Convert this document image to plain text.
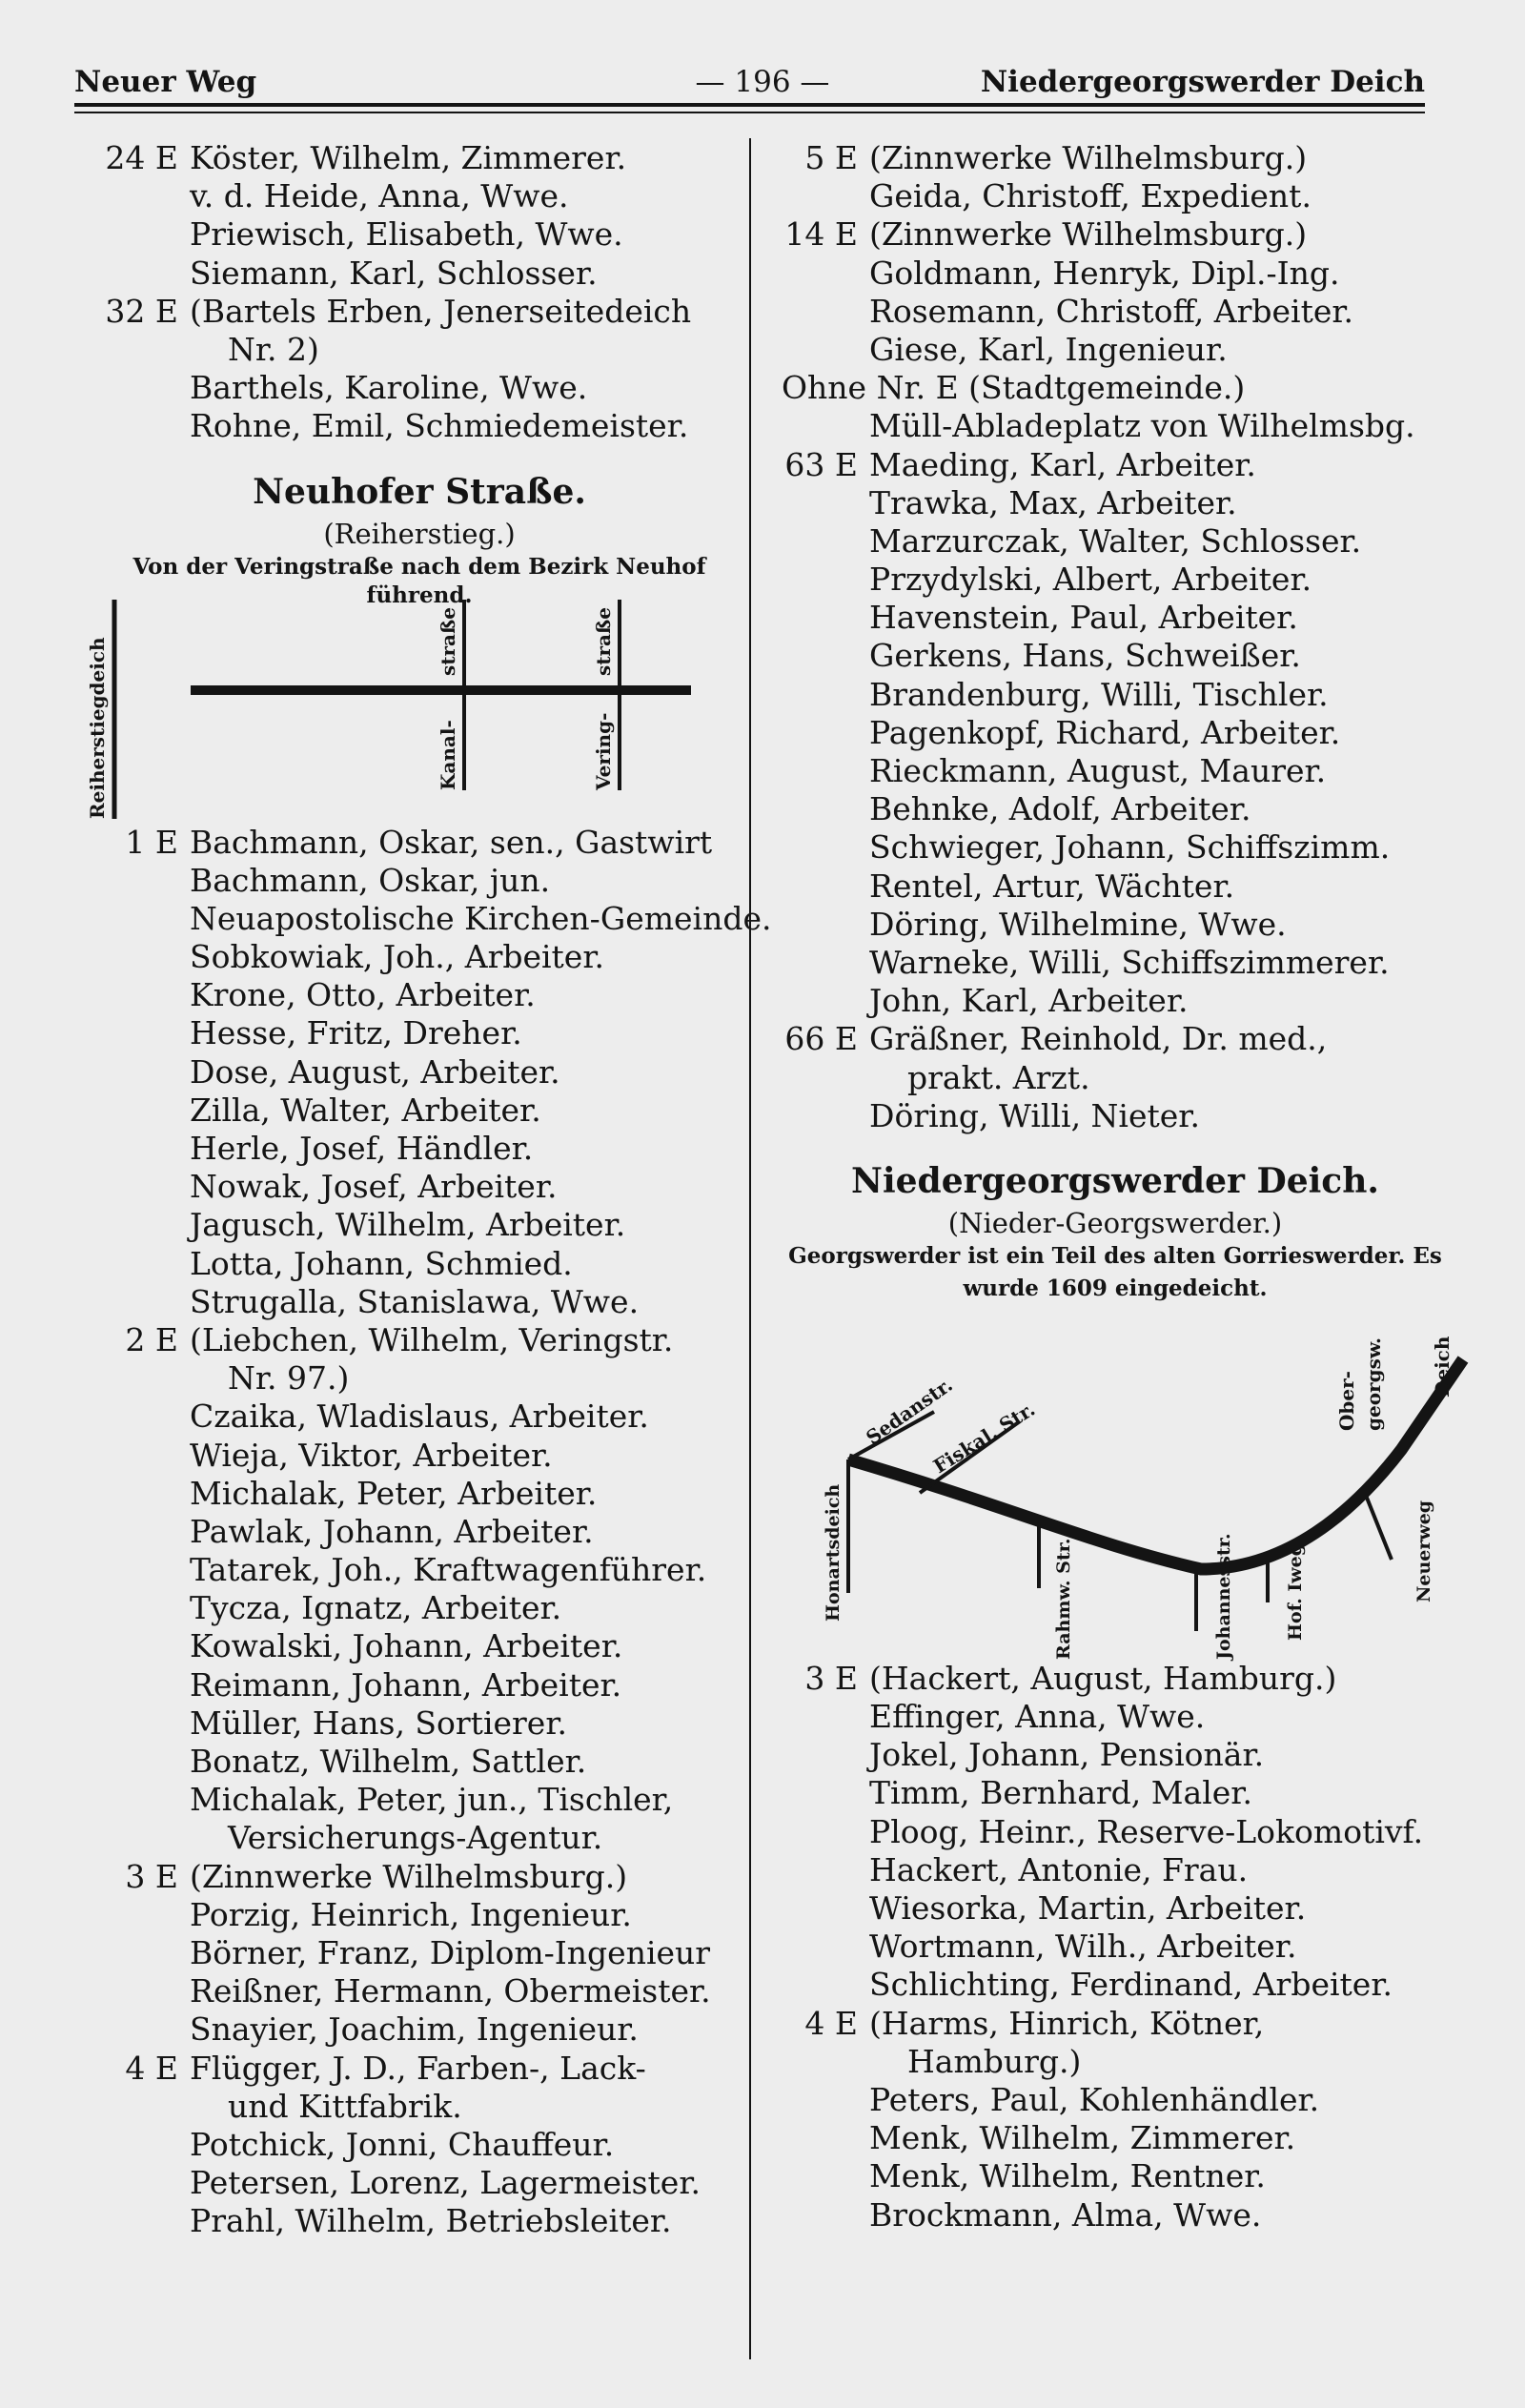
Neuer Weg	— 196 —	Niedergeorgswerder Deich
24 E Köster, Wilhelm, Zimmerer.
v. d. Heide, Anna, Wwe.
Priewisch, Elisabeth, Wwe.
Siemann, Karl, Schlosser.
32 E (Bartels Erben, Jenerseitedeich
Nr. 2)
Barthels, Karoline, Wwe.
Rohne, Emil, Schmiedemeister.
Neuhofer Straße.
(Reiherstieg.)
Von der Veringstraße nach dem Bezirk Neuhof führend.
Reiherstiegdeich	straße
Kanal-
straße
Vering-
1 E Bachmann, Oskar, sen., Gastwirt
Bachmann, Oskar, jun.
Neuapostolische Kirchen-Gemeinde.
Sobkowiak, Joh., Arbeiter.
Krone, Otto, Arbeiter.
Hesse, Fritz, Dreher.
Dose, August, Arbeiter.
Zilla, Walter, Arbeiter.
Herle, Josef, Händler.
Nowak, Josef, Arbeiter.
Jagusch, Wilhelm, Arbeiter.
Lotta, Johann, Schmied.
Strugalla, Stanislawa, Wwe.
2 E (Liebchen, Wilhelm, Veringstr.
Nr. 97.)
Czaika, Wladislaus, Arbeiter.
Wieja, Viktor, Arbeiter.
Michalak, Peter, Arbeiter.
Pawlak, Johann, Arbeiter.
Tatarek, Joh., Kraftwagenführer.
Tycza, Ignatz, Arbeiter.
Kowalski, Johann, Arbeiter.
Reimann, Johann, Arbeiter.
Müller, Hans, Sortierer.
Bonatz, Wilhelm, Sattler.
Michalak, Peter, jun., Tischler,
Versicherungs-Agentur.
3 E (Zinnwerke Wilhelmsburg.)
Porzig, Heinrich, Ingenieur.
Börner, Franz, Diplom-Ingenieur
Reißner, Hermann, Obermeister.
Snayier, Joachim, Ingenieur.
4 E Flügger, J. D., Farben-, Lack-
und Kittfabrik.
Potchick, Jonni, Chauffeur.
Petersen, Lorenz, Lagermeister.
Prahl, Wilhelm, Betriebsleiter.
5 E (Zinnwerke Wilhelmsburg.)
Geida, Christoff, Expedient.
14 E (Zinnwerke Wilhelmsburg.)
Goldmann, Henryk, Dipl.-Ing.
Rosemann, Christoff, Arbeiter.
Giese, Karl, Ingenieur.
Ohne Nr. E (Stadtgemeinde.)
Müll-Abladeplatz von Wilhelmsbg.
63 E Maeding, Karl, Arbeiter.
Trawka, Max, Arbeiter.
Marzurczak, Walter, Schlosser.
Przydylski, Albert, Arbeiter.
Havenstein, Paul, Arbeiter.
Gerkens, Hans, Schweißer.
Brandenburg, Willi, Tischler.
Pagenkopf, Richard, Arbeiter.
Rieckmann, August, Maurer.
Behnke, Adolf, Arbeiter.
Schwieger, Johann, Schiffszimm.
Rentel, Artur, Wächter.
Döring, Wilhelmine, Wwe.
Warneke, Willi, Schiffszimmerer.
John, Karl, Arbeiter.
66 E Gräßner, Reinhold, Dr. med.,
prakt. Arzt.
Döring, Willi, Nieter.
Niedergeorgswerder Deich.
(Nieder-Georgswerder.)
Georgswerder ist ein Teil des alten Gorrieswerder. Es
wurde 1609 eingedeicht.
Sedanstr.
Fiskal. Str.	Ober- georgsw. Deich
Honartsdeich	Rahmw. Str.	Johannesstr.	Hof. Iweg	Neuerweg
3 E (Hackert, August, Hamburg.)
Effinger, Anna, Wwe.
Jokel, Johann, Pensionär.
Timm, Bernhard, Maler.
Ploog, Heinr., Reserve-Lokomotivf.
Hackert, Antonie, Frau.
Wiesorka, Martin, Arbeiter.
Wortmann, Wilh., Arbeiter.
Schlichting, Ferdinand, Arbeiter.
4 E (Harms, Hinrich, Kötner,
Hamburg.)
Peters, Paul, Kohlenhändler.
Menk, Wilhelm, Zimmerer.
Menk, Wilhelm, Rentner.
Brockmann, Alma, Wwe.
